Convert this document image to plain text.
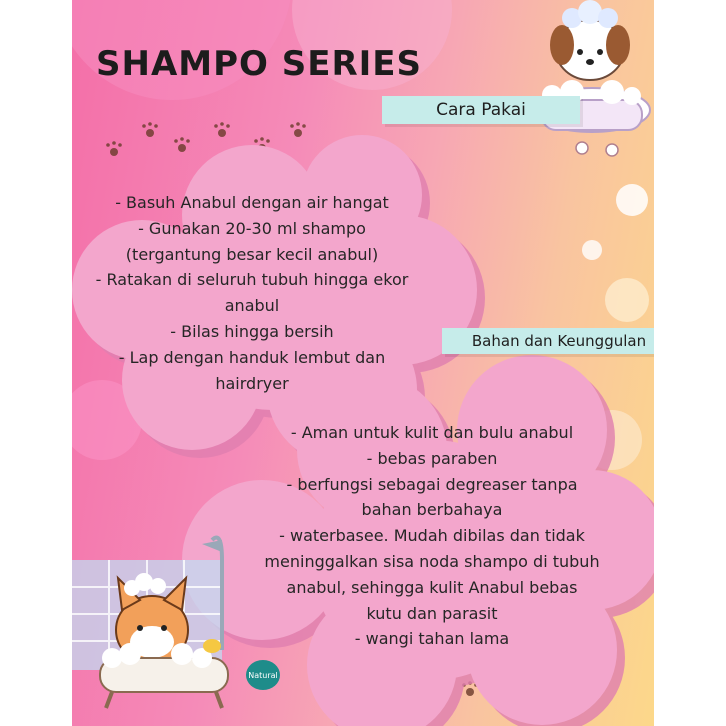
Natural
SHAMPO SERIES
Cara Pakai
Bahan dan Keunggulan
- Basuh Anabul dengan air hangat
- Gunakan 20-30 ml shampo
(tergantung besar kecil anabul)
- Ratakan di seluruh tubuh hingga ekor
anabul
- Bilas hingga bersih
- Lap dengan handuk lembut dan
hairdryer
- Aman untuk kulit dan bulu anabul
- bebas paraben
- berfungsi sebagai degreaser tanpa
bahan berbahaya
- waterbasee. Mudah dibilas dan tidak
meninggalkan sisa noda shampo di tubuh
anabul, sehingga kulit Anabul bebas
kutu dan parasit
- wangi tahan lama
